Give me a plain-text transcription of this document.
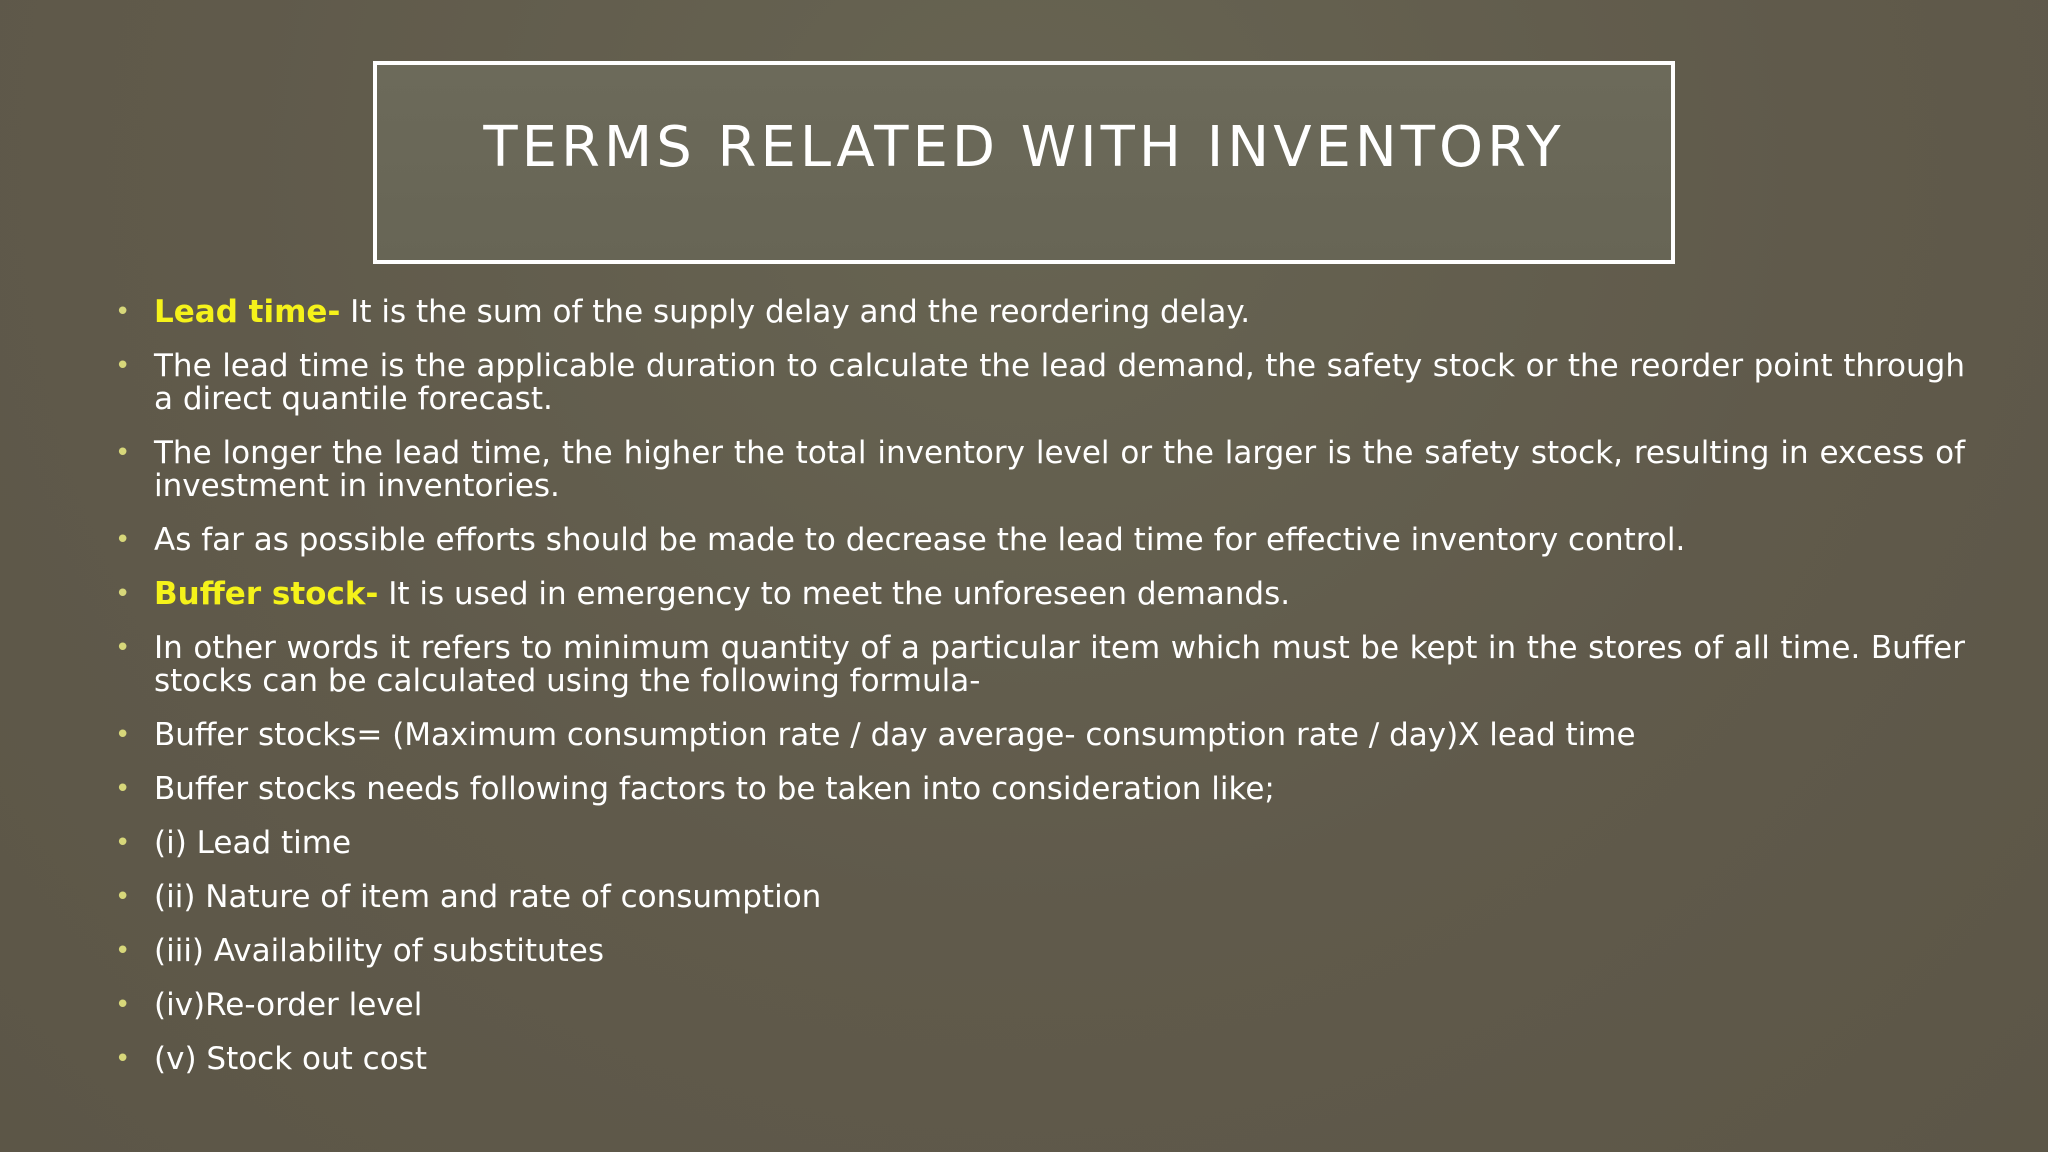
TERMS RELATED WITH INVENTORY
• Lead time- It is the sum of the supply delay and the reordering delay.
• The lead time is the applicable duration to calculate the lead demand, the safety stock or the reorder point through a direct quantile forecast.
• The longer the lead time, the higher the total inventory level or the larger is the safety stock, resulting in excess of investment in inventories.
• As far as possible efforts should be made to decrease the lead time for effective inventory control.
• Buffer stock- It is used in emergency to meet the unforeseen demands.
• In other words it refers to minimum quantity of a particular item which must be kept in the stores of all time. Buffer stocks can be calculated using the following formula-
• Buffer stocks= (Maximum consumption rate / day average- consumption rate / day)X lead time
• Buffer stocks needs following factors to be taken into consideration like;
• (i) Lead time
• (ii) Nature of item and rate of consumption
• (iii) Availability of substitutes
• (iv)Re-order level
• (v) Stock out cost
